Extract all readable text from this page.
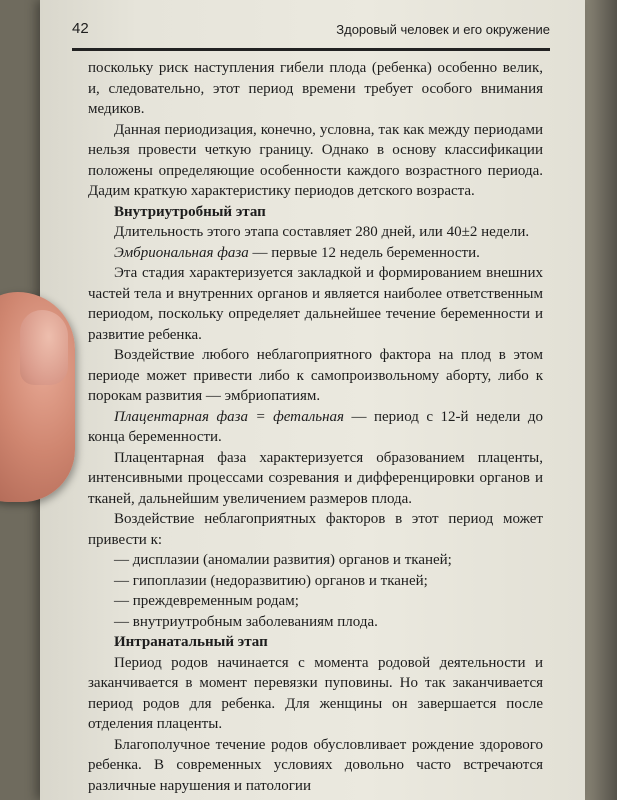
42	Здоровый человек и его окружение

поскольку риск наступления гибели плода (ребенка) особенно велик, и, следовательно, этот период времени требует особого внимания медиков.

Данная периодизация, конечно, условна, так как между периодами нельзя провести четкую границу. Однако в основу классификации положены определяющие особенности каждого возрастного периода. Дадим краткую характеристику периодов детского возраста.

Внутриутробный этап

Длительность этого этапа составляет 280 дней, или 40±2 недели.

Эмбриональная фаза — первые 12 недель беременности.

Эта стадия характеризуется закладкой и формированием внешних частей тела и внутренних органов и является наиболее ответственным периодом, поскольку определяет дальнейшее течение беременности и развитие ребенка.

Воздействие любого неблагоприятного фактора на плод в этом периоде может привести либо к самопроизвольному аборту, либо к порокам развития — эмбриопатиям.

Плацентарная фаза = фетальная — период с 12-й недели до конца беременности.

Плацентарная фаза характеризуется образованием плаценты, интенсивными процессами созревания и дифференцировки органов и тканей, дальнейшим увеличением размеров плода.

Воздействие неблагоприятных факторов в этот период может привести к:

— дисплазии (аномалии развития) органов и тканей;

— гипоплазии (недоразвитию) органов и тканей;

— преждевременным родам;

— внутриутробным заболеваниям плода.

Интранатальный этап

Период родов начинается с момента родовой деятельности и заканчивается в момент перевязки пуповины. Но так заканчивается период родов для ребенка. Для женщины он завершается после отделения плаценты.

Благополучное течение родов обусловливает рождение здорового ребенка. В современных условиях довольно часто встречаются различные нарушения и патологии
